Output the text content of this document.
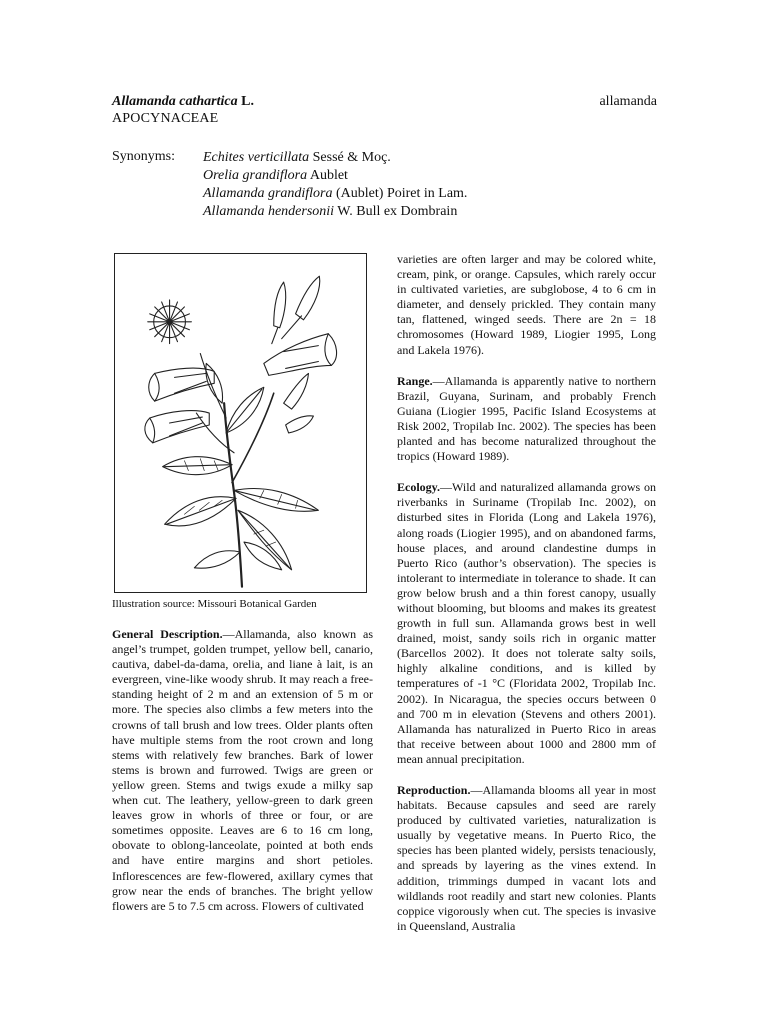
Allamanda cathartica L.	allamanda
APOCYNACEAE
Synonyms: Echites verticillata Sessé & Moç.
Orelia grandiflora Aublet
Allamanda grandiflora (Aublet) Poiret in Lam.
Allamanda hendersonii W. Bull ex Dombrain
Illustration source: Missouri Botanical Garden

General Description.—Allamanda, also known as angel’s trumpet, golden trumpet, yellow bell, canario, cautiva, dabel-da-dama, orelia, and liane à lait, is an evergreen, vine-like woody shrub. It may reach a free-standing height of 2 m and an extension of 5 m or more. The species also climbs a few meters into the crowns of tall brush and low trees. Older plants often have multiple stems from the root crown and long stems with relatively few branches. Bark of lower stems is brown and furrowed. Twigs are green or yellow green. Stems and twigs exude a milky sap when cut. The leathery, yellow-green to dark green leaves grow in whorls of three or four, or are sometimes opposite. Leaves are 6 to 16 cm long, obovate to oblong-lanceolate, pointed at both ends and have entire margins and short petioles. Inflorescences are few-flowered, axillary cymes that grow near the ends of branches. The bright yellow flowers are 5 to 7.5 cm across. Flowers of cultivated

varieties are often larger and may be colored white, cream, pink, or orange. Capsules, which rarely occur in cultivated varieties, are subglobose, 4 to 6 cm in diameter, and densely prickled. They contain many tan, flattened, winged seeds. There are 2n = 18 chromosomes (Howard 1989, Liogier 1995, Long and Lakela 1976).

Range.—Allamanda is apparently native to northern Brazil, Guyana, Surinam, and probably French Guiana (Liogier 1995, Pacific Island Ecosystems at Risk 2002, Tropilab Inc. 2002). The species has been planted and has become naturalized throughout the tropics (Howard 1989).

Ecology.—Wild and naturalized allamanda grows on riverbanks in Suriname (Tropilab Inc. 2002), on disturbed sites in Florida (Long and Lakela 1976), along roads (Liogier 1995), and on abandoned farms, house places, and around clandestine dumps in Puerto Rico (author’s observation). The species is intolerant to intermediate in tolerance to shade. It can grow below brush and a thin forest canopy, usually without blooming, but blooms and makes its greatest growth in full sun. Allamanda grows best in well drained, moist, sandy soils rich in organic matter (Barcellos 2002). It does not tolerate salty soils, highly alkaline conditions, and is killed by temperatures of -1 °C (Floridata 2002, Tropilab Inc. 2002). In Nicaragua, the species occurs between 0 and 700 m in elevation (Stevens and others 2001). Allamanda has naturalized in Puerto Rico in areas that receive between about 1000 and 2800 mm of mean annual precipitation.

Reproduction.—Allamanda blooms all year in most habitats. Because capsules and seed are rarely produced by cultivated varieties, naturalization is usually by vegetative means. In Puerto Rico, the species has been planted widely, persists tenaciously, and spreads by layering as the vines extend. In addition, trimmings dumped in vacant lots and wildlands root readily and start new colonies. Plants coppice vigorously when cut. The species is invasive in Queensland, Australia
